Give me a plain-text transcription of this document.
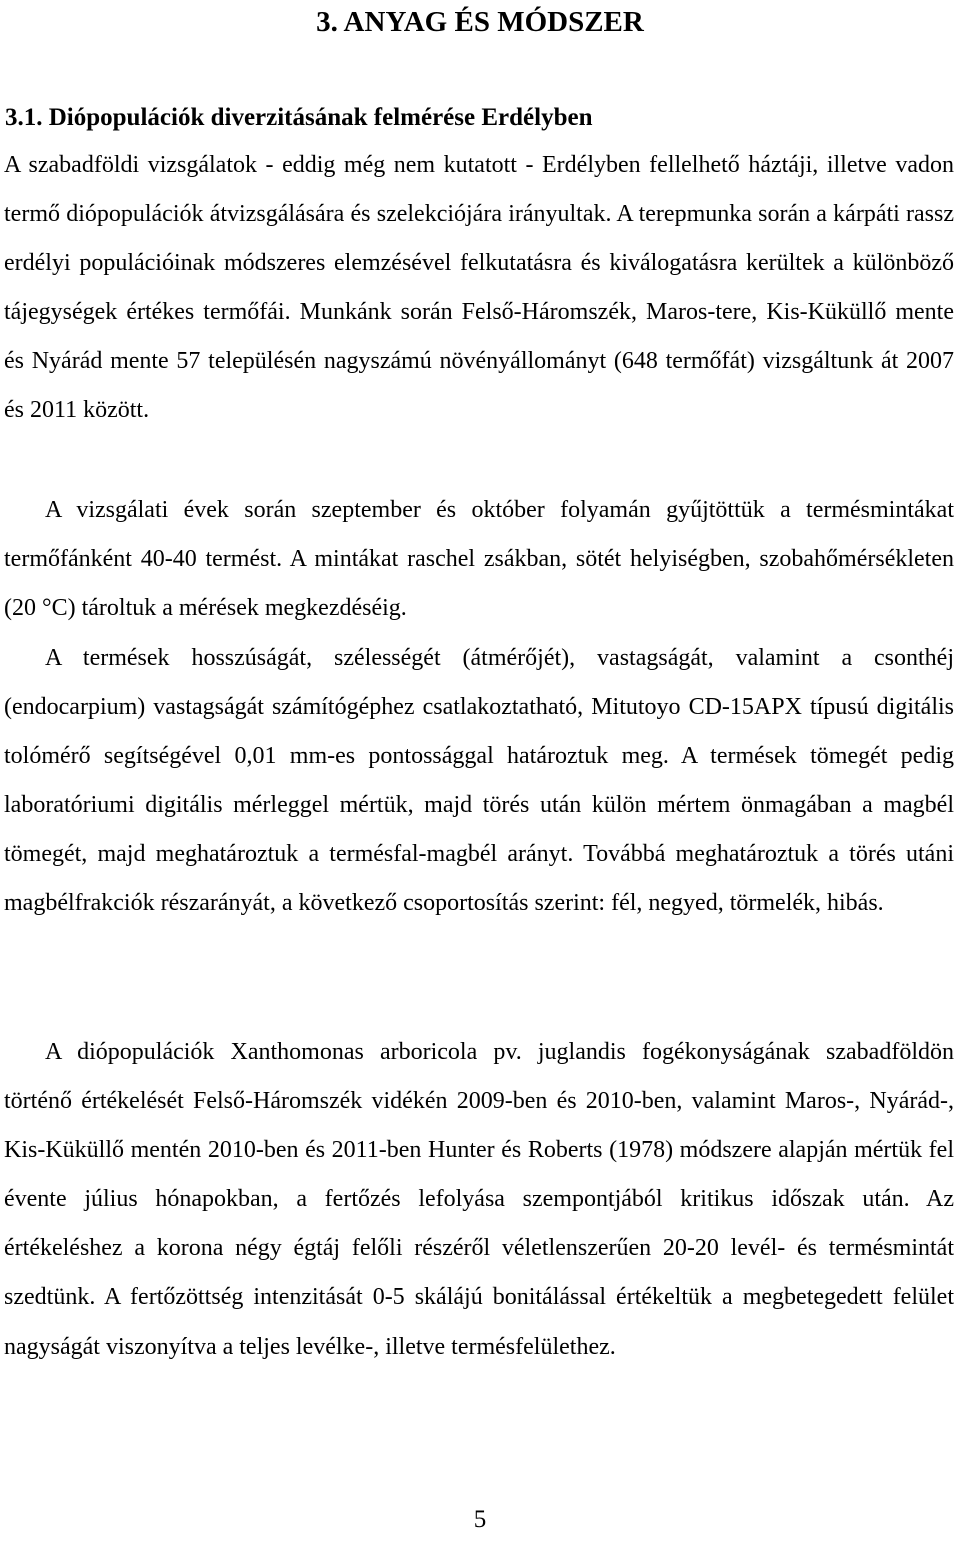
3. ANYAG ÉS MÓDSZER
3.1. Diópopulációk diverzitásának felmérése Erdélyben

A szabadföldi vizsgálatok - eddig még nem kutatott - Erdélyben fellelhető háztáji, illetve vadon termő diópopulációk átvizsgálására és szelekciójára irányultak. A terepmunka során a kárpáti rassz erdélyi populációinak módszeres elemzésével felkutatásra és kiválogatásra kerültek a különböző tájegységek értékes termőfái. Munkánk során Felső-Háromszék, Maros-tere, Kis-Küküllő mente és Nyárád mente 57 településén nagyszámú növényállományt (648 termőfát) vizsgáltunk át 2007 és 2011 között.

A vizsgálati évek során szeptember és október folyamán gyűjtöttük a termésmintákat termőfánként 40-40 termést. A mintákat raschel zsákban, sötét helyiségben, szobahőmérsékleten (20 °C) tároltuk a mérések megkezdéséig.

A termések hosszúságát, szélességét (átmérőjét), vastagságát, valamint a csonthéj (endocarpium) vastagságát számítógéphez csatlakoztatható, Mitutoyo CD-15APX típusú digitális tolómérő segítségével 0,01 mm-es pontossággal határoztuk meg. A termések tömegét pedig laboratóriumi digitális mérleggel mértük, majd törés után külön mértem önmagában a magbél tömegét, majd meghatároztuk a termésfal-magbél arányt. Továbbá meghatároztuk a törés utáni magbélfrakciók részarányát, a következő csoportosítás szerint: fél, negyed, törmelék, hibás.

A diópopulációk Xanthomonas arboricola pv. juglandis fogékonyságának szabadföldön történő értékelését Felső-Háromszék vidékén 2009-ben és 2010-ben, valamint Maros-, Nyárád-, Kis-Küküllő mentén 2010-ben és 2011-ben Hunter és Roberts (1978) módszere alapján mértük fel évente július hónapokban, a fertőzés lefolyása szempontjából kritikus időszak után. Az értékeléshez a korona négy égtáj felőli részéről véletlenszerűen 20-20 levél- és termésmintát szedtünk. A fertőzöttség intenzitását 0-5 skálájú bonitálással értékeltük a megbetegedett felület nagyságát viszonyítva a teljes levélke-, illetve termésfelülethez.

5
